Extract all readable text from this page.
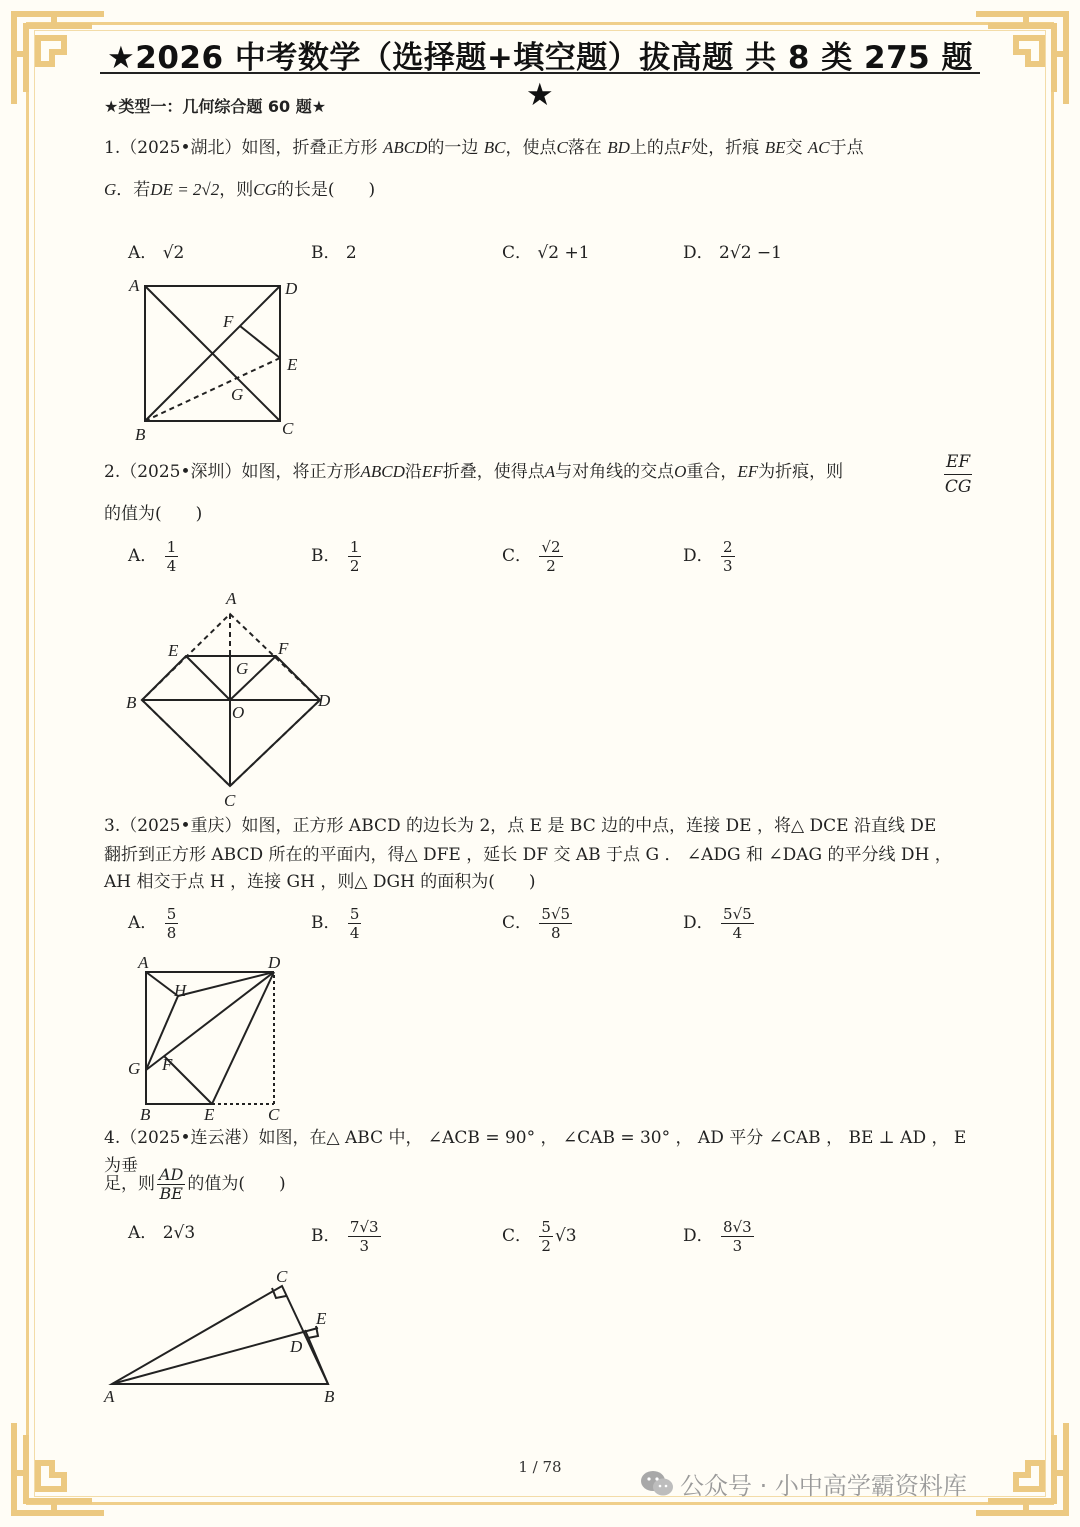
★2026 中考数学（选择题+填空题）拔高题 共 8 类 275 题★
★类型一：几何综合题 60 题★
1.（2025•湖北）如图，折叠正方形 ABCD的一边 BC，使点C落在 BD上的点F处，折痕 BE交 AC于点
G．若DE = 2√2，则CG的长是(　　)
A． √2	B． 2	C． √2 +1	D． 2√2 −1
A	D
F
E
G
B	C
2.（2025•深圳）如图，将正方形ABCD沿EF折叠，使得点A与对角线的交点O重合，EF为折痕，则	$\frac{EF}{CG}$
的值为(　　)
A． $\frac{1}{4}$	B． $\frac{1}{2}$	C． $\frac{√2}{2}$	D． $\frac{2}{3}$
A
E	F
G
B	D
O
C
3.（2025•重庆）如图，正方形 ABCD 的边长为 2，点 E 是 BC 边的中点，连接 DE ，将△ DCE 沿直线 DE
翻折到正方形 ABCD 所在的平面内，得△ DFE ，延长 DF 交 AB 于点 G ． ∠ADG 和 ∠DAG 的平分线 DH ，
AH 相交于点 H ，连接 GH ，则△ DGH 的面积为(　　)
A． $\frac{5}{8}$	B． $\frac{5}{4}$	C． $\frac{5√5}{8}$	D． $\frac{5√5}{4}$
A	D
H
F
G
B	E	C
4.（2025•连云港）如图，在△ ABC 中， ∠ACB = 90° ， ∠CAB = 30° ， AD 平分 ∠CAB ， BE ⊥ AD ， E 为垂
足，则 $\frac{AD}{BE}$ 的值为(　　)
A． 2√3	B． $\frac{7√3}{3}$	C． $\frac{5}{2} √3$	D． $\frac{8√3}{3}$
C
E
D
A	B
1 / 78
公众号 · 小中高学霸资料库
